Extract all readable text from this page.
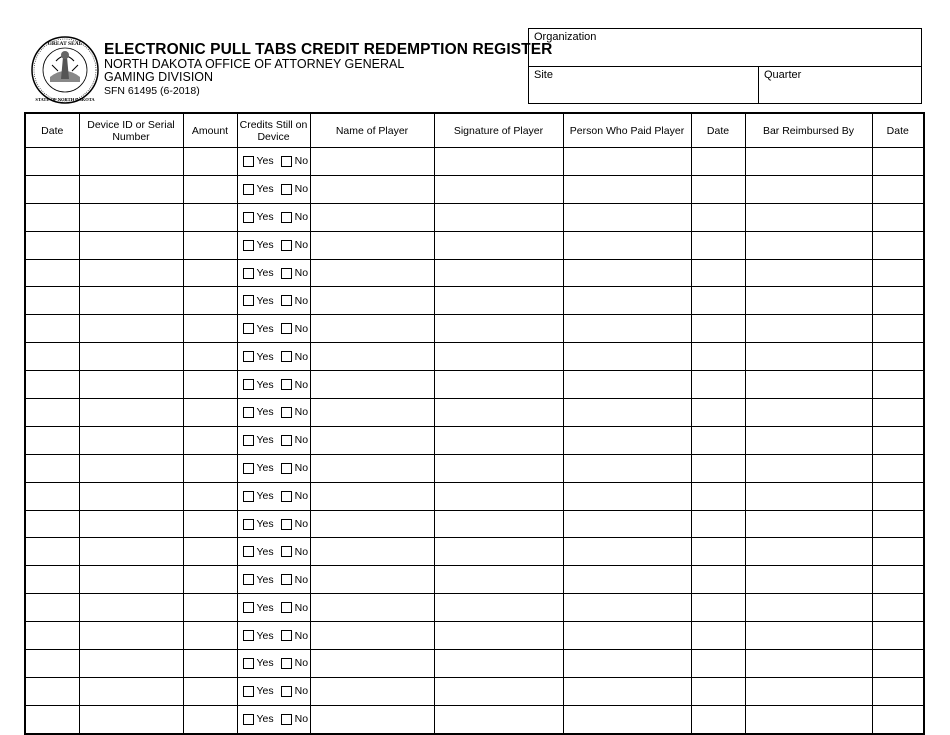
GREAT SEAL
STATE OF NORTH DAKOTA
ELECTRONIC PULL TABS CREDIT REDEMPTION REGISTER
NORTH DAKOTA OFFICE OF ATTORNEY GENERAL
GAMING DIVISION
SFN 61495 (6-2018)
Organization
Site	Quarter
Date	Device ID or Serial Number	Amount	Credits Still on Device	Name of Player	Signature of Player	Person Who Paid Player	Date	Bar Reimbursed By	Date

			Yes No						

			Yes No						

			Yes No						

			Yes No						

			Yes No						

			Yes No						

			Yes No						

			Yes No						

			Yes No						

			Yes No						

			Yes No						

			Yes No						

			Yes No						

			Yes No						

			Yes No						

			Yes No						

			Yes No						

			Yes No						

			Yes No						

			Yes No						

			Yes No						
